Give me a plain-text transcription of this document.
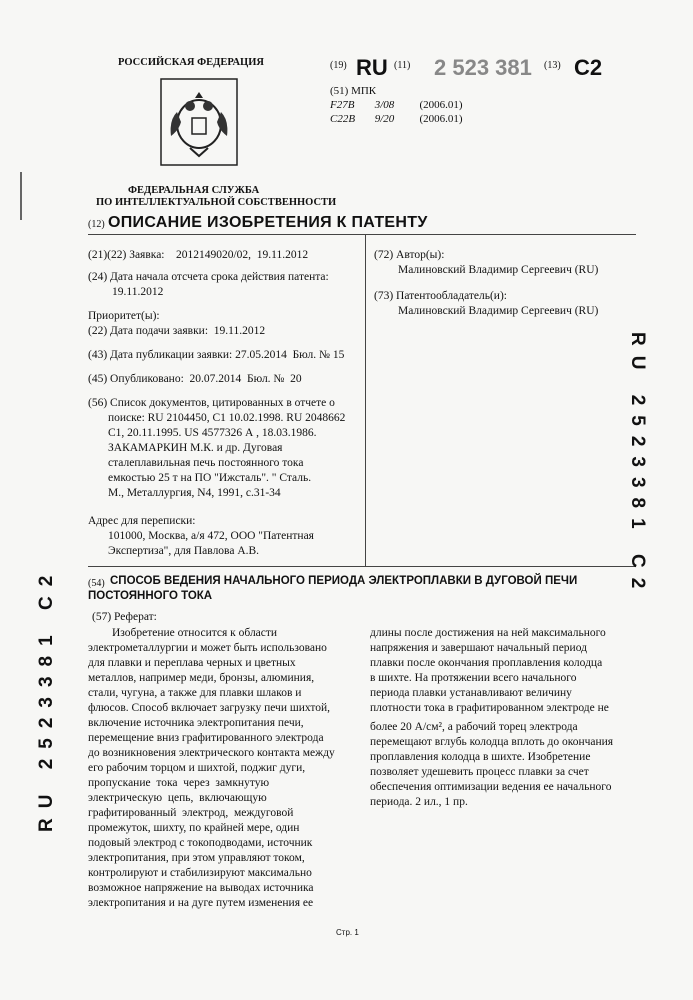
РОССИЙСКАЯ ФЕДЕРАЦИЯ
ФЕДЕРАЛЬНАЯ СЛУЖБА
ПО ИНТЕЛЛЕКТУАЛЬНОЙ СОБСТВЕННОСТИ
(19) RU (11) 2 523 381 (13) C2
(51) МПК
F27B 3/08 (2006.01)
C22B 9/20 (2006.01)
(12) ОПИСАНИЕ ИЗОБРЕТЕНИЯ К ПАТЕНТУ
(21)(22) Заявка:    2012149020/02,  19.11.2012
(24) Дата начала отсчета срока действия патента:
19.11.2012
Приоритет(ы):
(22) Дата подачи заявки:  19.11.2012
(43) Дата публикации заявки: 27.05.2014  Бюл. № 15
(45) Опубликовано:  20.07.2014  Бюл. №  20
(56) Список документов, цитированных в отчете о
поиске: RU 2104450, C1 10.02.1998. RU 2048662
C1, 20.11.1995. US 4577326 А , 18.03.1986.
ЗАКАМАРКИН М.К. и др. Дуговая
сталеплавильная печь постоянного тока
емкостью 25 т на ПО "Ижсталь". " Сталь.
М., Металлургия, N4, 1991, с.31-34
Адрес для переписки:
101000, Москва, а/я 472, ООО "Патентная
Экспертиза", для Павлова А.В.
(72) Автор(ы):
Малиновский Владимир Сергеевич (RU)
(73) Патентообладатель(и):
Малиновский Владимир Сергеевич (RU)
(54) СПОСОБ ВЕДЕНИЯ НАЧАЛЬНОГО ПЕРИОДА ЭЛЕКТРОПЛАВКИ В ДУГОВОЙ ПЕЧИ
ПОСТОЯННОГО ТОКА
(57) Реферат:
Изобретение относится к области
электрометаллургии и может быть использовано
для плавки и переплава черных и цветных
металлов, например меди, бронзы, алюминия,
стали, чугуна, а также для плавки шлаков и
флюсов. Способ включает загрузку печи шихтой,
включение источника электропитания печи,
перемещение вниз графитированного электрода
до возникновения электрического контакта между
его рабочим торцом и шихтой, поджиг дуги,
пропускание  тока  через  замкнутую
электрическую  цепь,  включающую
графитированный  электрод,  междуговой
промежуток, шихту, по крайней мере, один
подовый электрод с токоподводами, источник
электропитания, при этом управляют током,
контролируют и стабилизируют максимально
возможное напряжение на выводах источника
электропитания и на дуге путем изменения ее
длины после достижения на ней максимального
напряжения и завершают начальный период
плавки после окончания проплавления колодца
в шихте. На протяжении всего начального
периода плавки устанавливают величину
плотности тока в графитированном электроде не
более 20 А/см², а рабочий торец электрода
перемещают вглубь колодца вплоть до окончания
проплавления колодца в шихте. Изобретение
позволяет удешевить процесс плавки за счет
обеспечения оптимизации ведения ее начального
периода. 2 ил., 1 пр.
RU 2523381 C2
RU 2523381 C2
Стр. 1
